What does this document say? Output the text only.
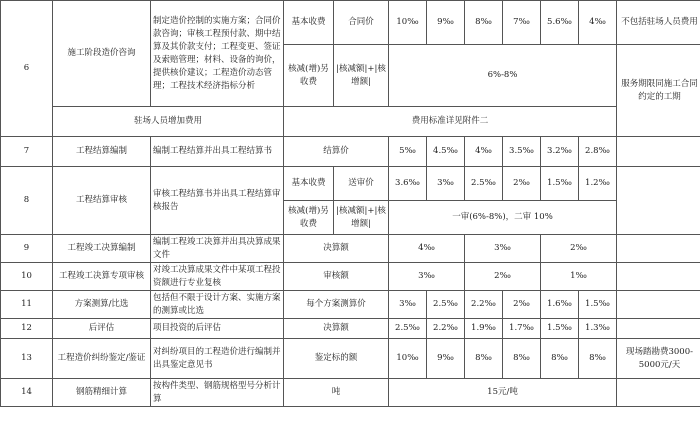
6	施工阶段造价咨询	制定造价控制的实施方案；合同价款咨询；审核工程预付款、期中结算及其价款支付；工程变更、签证及索赔管理；材料、设备的询价，提供核价建议；工程造价动态管理；工程技术经济指标分析	基本收费	合同价	10‰	9‰	8‰	7‰	5.6‰	4‰	不包括驻场人员费用
			核减(增)另收费	|核减额|+|核增额|	6%-8%						服务期限同施工合同约定的工期
	驻场人员增加费用		费用标准详见附件二								
7	工程结算编制	编制工程结算并出具工程结算书	结算价		5‰	4.5‰	4‰	3.5‰	3.2‰	2.8‰	
8	工程结算审核	审核工程结算书并出具工程结算审核报告	基本收费	送审价	3.6‰	3‰	2.5‰	2‰	1.5‰	1.2‰	
			核减(增)另收费	|核减额|+|核增额|	一审(6%-8%)，二审 10%						
9	工程竣工决算编制	编制工程竣工决算并出具决算成果文件	决算额		4‰		3‰		2‰		
10	工程竣工决算专项审核	对竣工决算成果文件中某项工程投资额进行专业复核	审核额		3‰		2‰		1‰		
11	方案测算/比选	包括但不限于设计方案、实施方案的测算或比选	每个方案测算价		3‰	2.5‰	2.2‰	2‰	1.6‰	1.5‰	
12	后评估	项目投资的后评估	决算额		2.5‰	2.2‰	1.9‰	1.7‰	1.5‰	1.3‰	
13	工程造价纠纷鉴定/鉴证	对纠纷项目的工程造价进行编制并出具鉴定意见书	鉴定标的额		10‰	9‰	8‰	8‰	8‰	8‰	现场踏勘费3000-5000元/天
14	钢筋精细计算	按构件类型、钢筋规格型号分析计算	吨		15元/吨						
